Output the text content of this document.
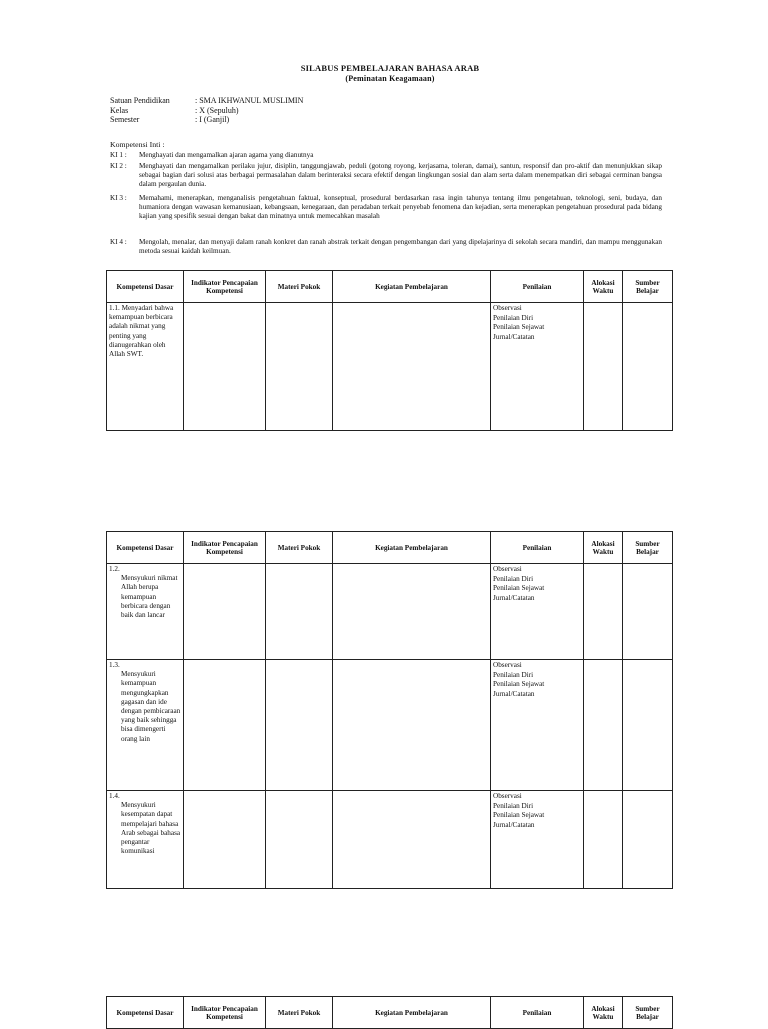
SILABUS PEMBELAJARAN BAHASA ARAB
(Peminatan Keagamaan)
Satuan Pendidikan	: SMA IKHWANUL MUSLIMIN
Kelas	: X (Sepuluh)
Semester	: I (Ganjil)
Kompetensi Inti :
KI 1 :	Menghayati dan mengamalkan ajaran agama yang dianutnya
KI 2 :	Menghayati dan mengamalkan perilaku jujur, disiplin, tanggungjawab, peduli (gotong royong, kerjasama, toleran, damai), santun, responsif dan pro-aktif dan menunjukkan sikap sebagai bagian dari solusi atas berbagai permasalahan dalam berinteraksi secara efektif dengan lingkungan sosial dan alam serta dalam menempatkan diri sebagai cerminan bangsa dalam pergaulan dunia.
KI 3 :	Memahami, menerapkan, menganalisis pengetahuan faktual, konseptual, prosedural berdasarkan rasa ingin tahunya tentang ilmu pengetahuan, teknologi, seni, budaya, dan humaniora dengan wawasan kemanusiaan, kebangsaan, kenegaraan, dan peradaban terkait penyebab fenomena dan kejadian, serta menerapkan pengetahuan prosedural pada bidang kajian yang spesifik sesuai dengan bakat dan minatnya untuk memecahkan masalah
KI 4 :	Mengolah, menalar, dan menyaji dalam ranah konkret dan ranah abstrak terkait dengan pengembangan dari yang dipelajarinya di sekolah secara mandiri, dan mampu menggunakan metoda sesuai kaidah keilmuan.
Kompetensi Dasar	Indikator Pencapaian Kompetensi	Materi Pokok	Kegiatan Pembelajaran	Penilaian	Alokasi Waktu	Sumber Belajar
1.1. Menyadari bahwa kemampuan berbicara adalah nikmat yang penting yang dianugerahkan oleh Allah SWT.				Observasi
Penilaian Diri
Penilaian Sejawat
Jurnal/Catatan		

Kompetensi Dasar	Indikator Pencapaian Kompetensi	Materi Pokok	Kegiatan Pembelajaran	Penilaian	Alokasi Waktu	Sumber Belajar

1.2.
Mensyukuri nikmat Allah berupa kemampuan berbicara dengan baik dan lancar				Observasi
Penilaian Diri
Penilaian Sejawat
Jurnal/Catatan		

1.3.
Mensyukuri kemampuan mengungkapkan gagasan dan ide dengan pembicaraan yang baik sehingga bisa dimengerti orang lain				Observasi
Penilaian Diri
Penilaian Sejawat
Jurnal/Catatan		

1.4.
Mensyukuri kesempatan dapat mempelajari bahasa Arab sebagai bahasa pengantar komunikasi				Observasi
Penilaian Diri
Penilaian Sejawat
Jurnal/Catatan		

Kompetensi Dasar	Indikator Pencapaian Kompetensi	Materi Pokok	Kegiatan Pembelajaran	Penilaian	Alokasi Waktu	Sumber Belajar
